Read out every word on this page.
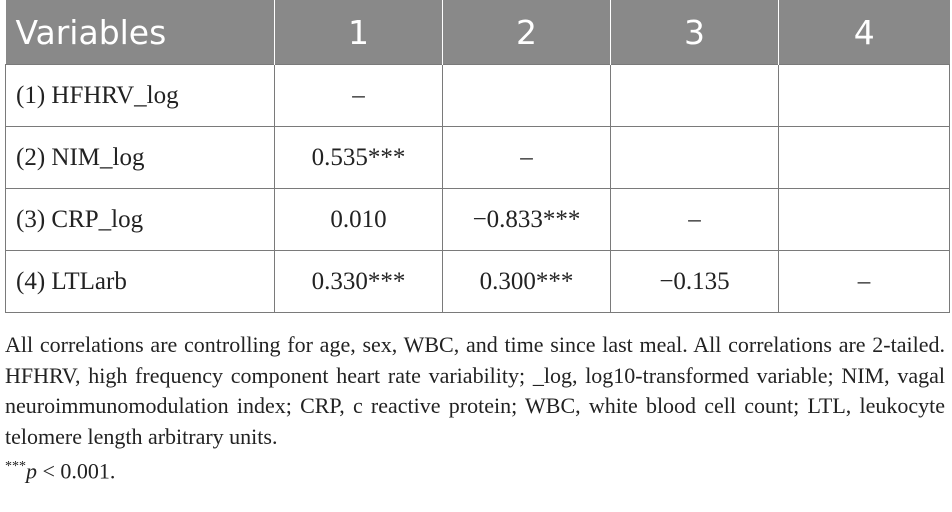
Variables	1	2	3	4
(1) HFHRV_log	–			
(2) NIM_log	0.535***	–		
(3) CRP_log	0.010	−0.833***	–	
(4) LTLarb	0.330***	0.300***	−0.135	–

All correlations are controlling for age, sex, WBC, and time since last meal. All correlations are 2-tailed. HFHRV, high frequency component heart rate variability; _log, log10-transformed variable; NIM, vagal neuroimmunomodulation index; CRP, c reactive protein; WBC, white blood cell count; LTL, leukocyte telomere length arbitrary units.

***p < 0.001.
